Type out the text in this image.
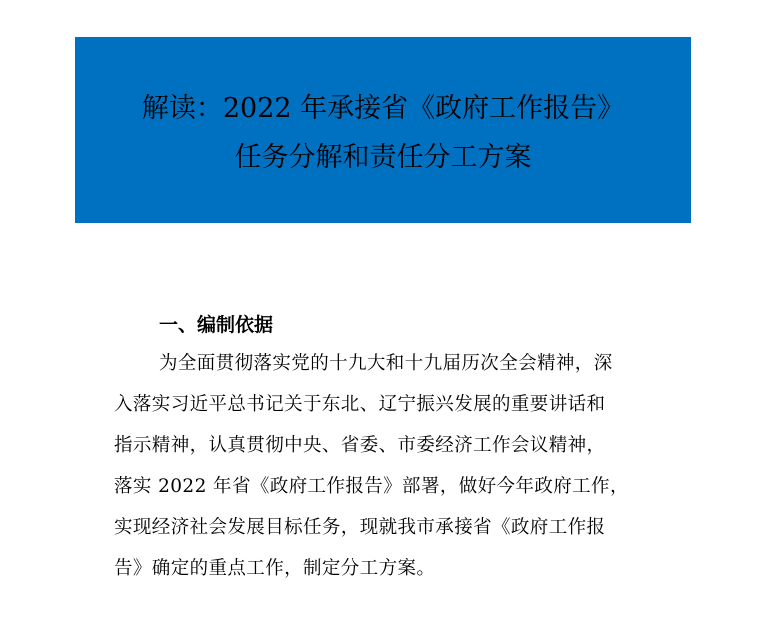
解读：2022 年承接省《政府工作报告》
任务分解和责任分工方案
一、编制依据
为全面贯彻落实党的十九大和十九届历次全会精神，深
入落实习近平总书记关于东北、辽宁振兴发展的重要讲话和
指示精神，认真贯彻中央、省委、市委经济工作会议精神，
落实 2022 年省《政府工作报告》部署，做好今年政府工作，
实现经济社会发展目标任务，现就我市承接省《政府工作报
告》确定的重点工作，制定分工方案。
